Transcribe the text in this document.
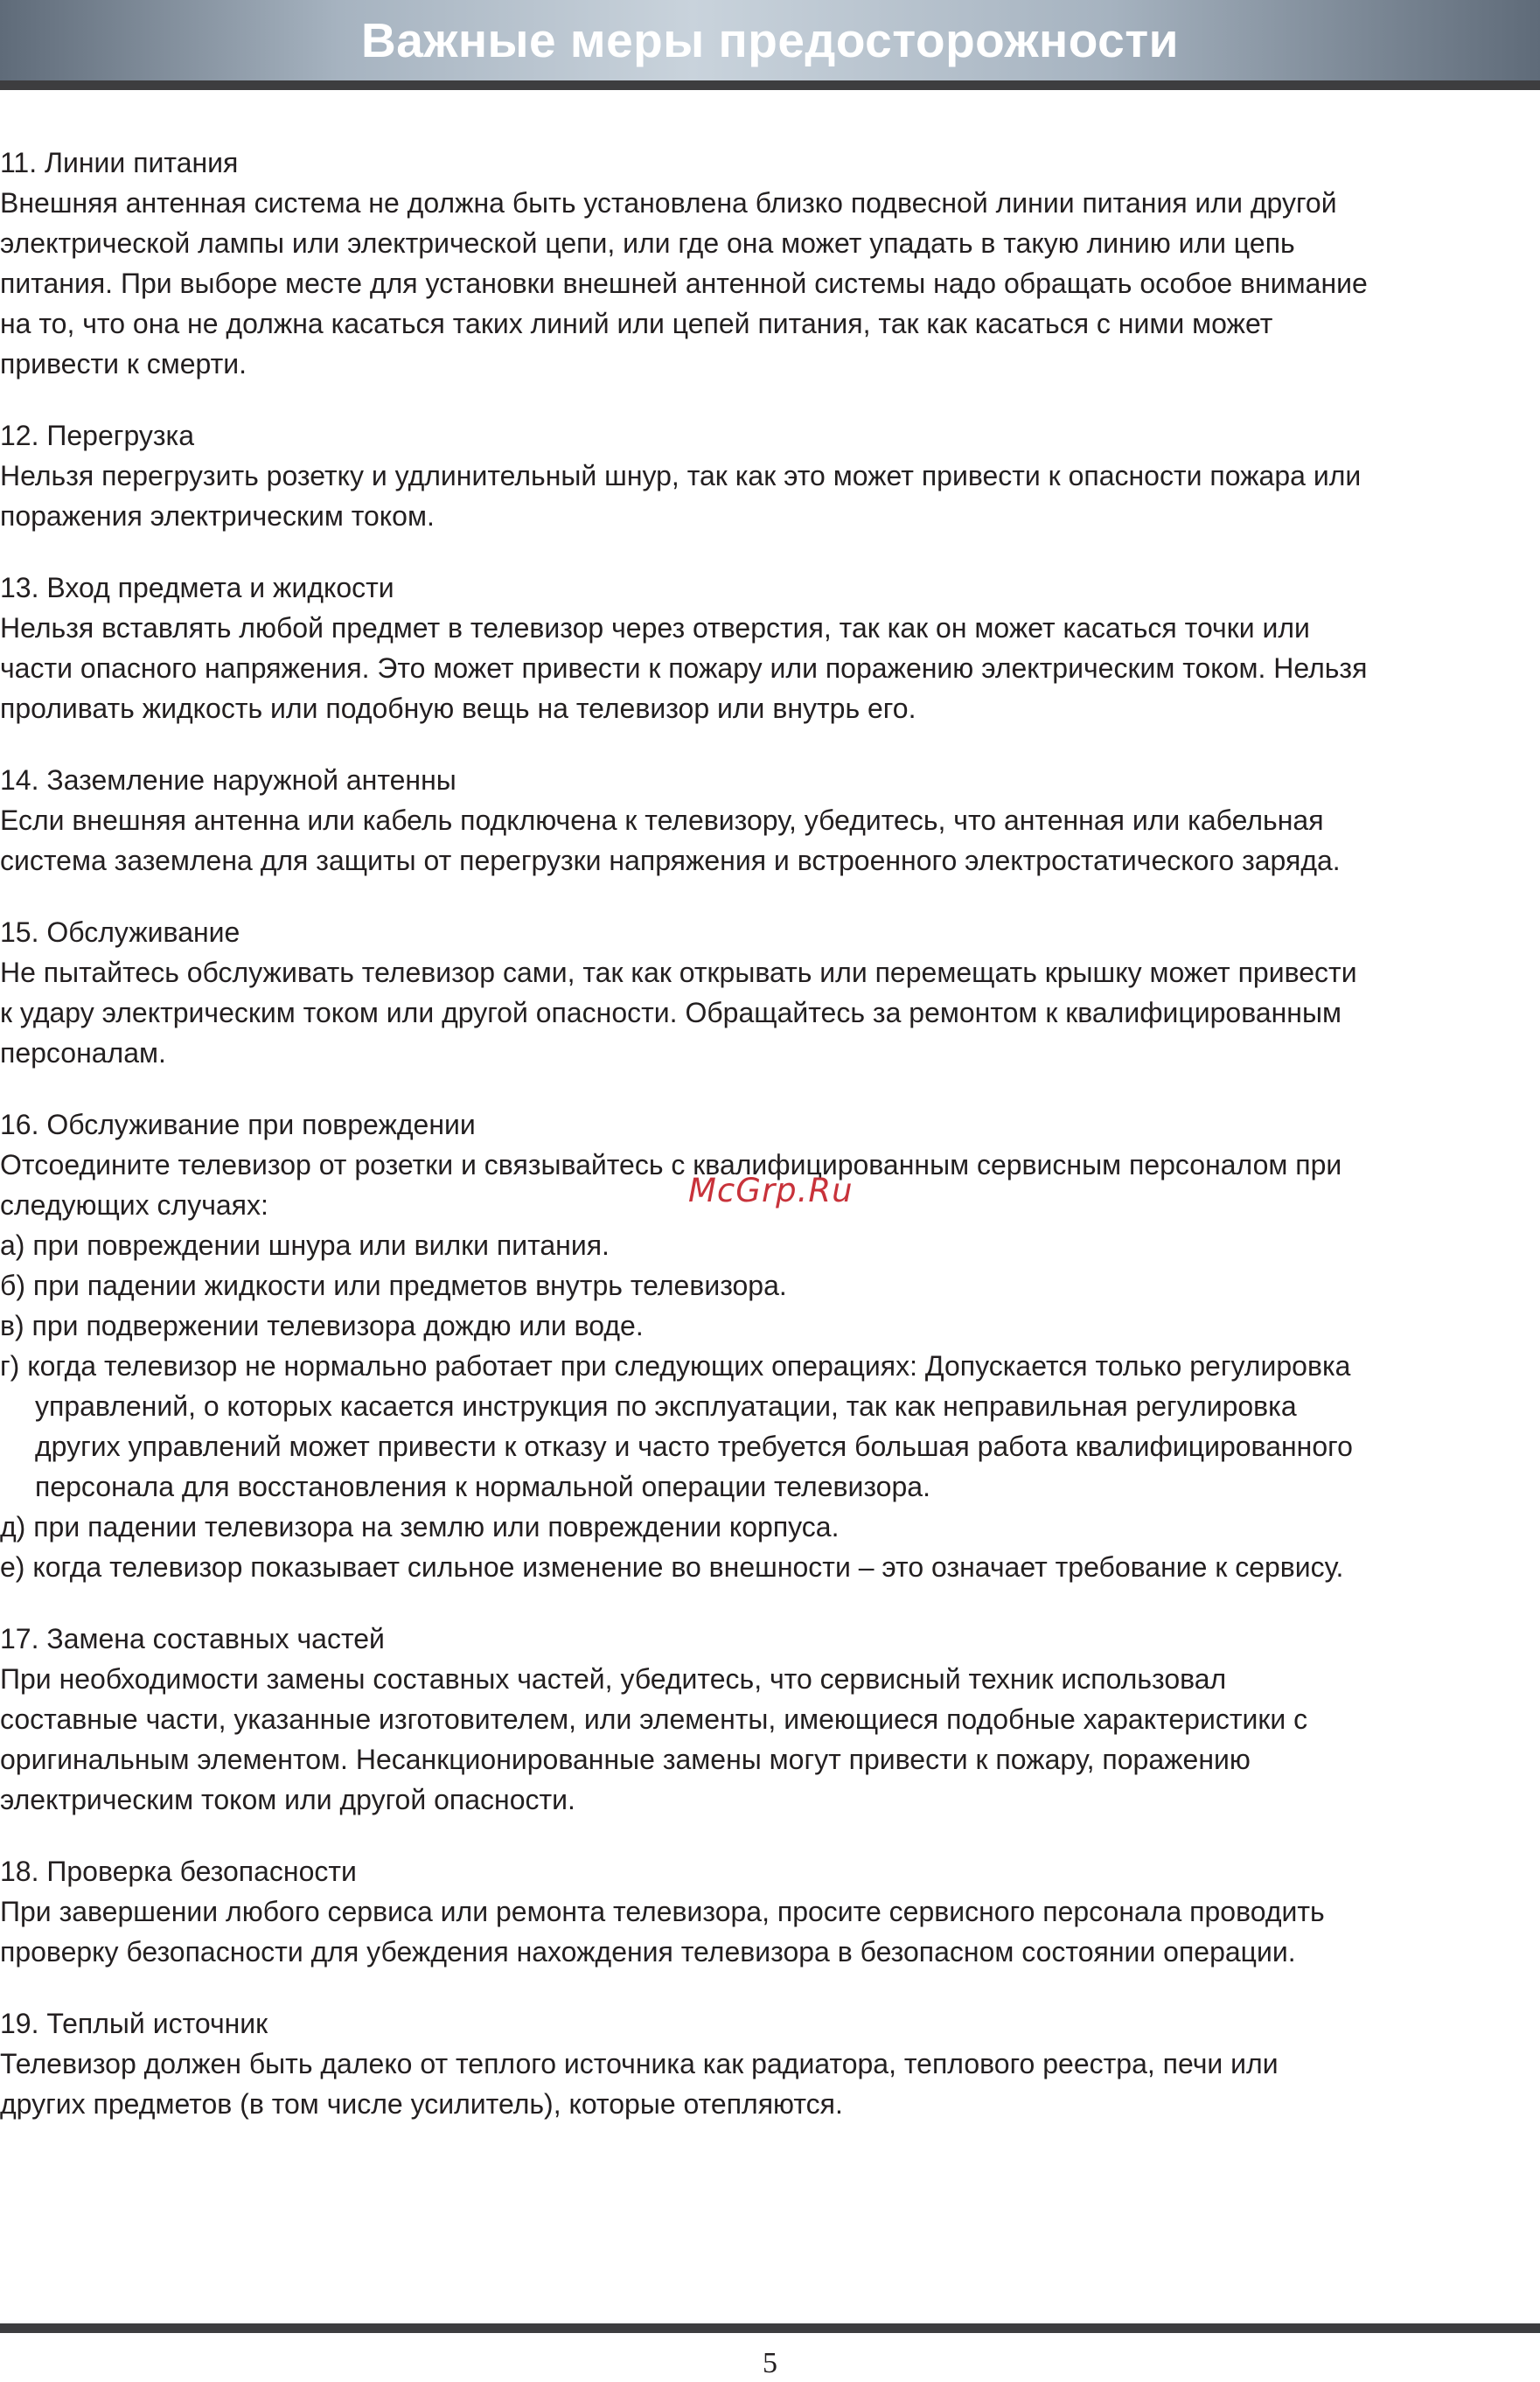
Важные меры предосторожности

11. Линии питания

Внешняя антенная система не должна быть установлена близко подвесной линии питания или другой

электрической лампы или электрической цепи, или где она может упадать в такую линию или цепь

питания. При выборе месте для установки внешней антенной системы надо обращать особое внимание

на то, что она не должна касаться таких линий или цепей питания, так как касаться с ними может

привести к смерти.

12. Перегрузка

Нельзя перегрузить розетку и удлинительный шнур, так как это может привести к опасности пожара или

поражения электрическим током.

13. Вход предмета и жидкости

Нельзя вставлять любой предмет в телевизор через отверстия, так как он может касаться точки или

части опасного напряжения. Это может привести к пожару или поражению электрическим током. Нельзя

проливать жидкость или подобную вещь на телевизор или внутрь его.

14. Заземление наружной антенны

Если внешняя антенна или кабель подключена к телевизору, убедитесь, что антенная или кабельная

система заземлена для защиты от перегрузки напряжения и встроенного электростатического заряда.

15. Обслуживание

Не пытайтесь обслуживать телевизор сами, так как открывать или перемещать крышку может привести

к удару электрическим током или другой опасности. Обращайтесь за ремонтом к квалифицированным

персоналам.

16. Обслуживание при повреждении

Отсоедините телевизор от розетки и связывайтесь с квалифицированным сервисным персоналом при

следующих случаях:

а) при повреждении шнура или вилки питания.
б) при падении жидкости или предметов внутрь телевизора.
в) при подвержении телевизора дождю или воде.
г) когда телевизор не нормально работает при следующих операциях: Допускается только регулировка
управлений, о которых касается инструкция по эксплуатации, так как неправильная регулировка
других управлений может привести к отказу и часто требуется большая работа квалифицированного
персонала для восстановления к нормальной операции телевизора.
д) при падении телевизора на землю или повреждении корпуса.
е) когда телевизор показывает сильное изменение во внешности – это означает требование к сервису.

17. Замена составных частей

При необходимости замены составных частей, убедитесь, что сервисный техник использовал

составные части, указанные изготовителем, или элементы, имеющиеся подобные характеристики с

оригинальным элементом. Несанкционированные замены могут привести к пожару, поражению

электрическим током или другой опасности.

18. Проверка безопасности

При завершении любого сервиса или ремонта телевизора, просите сервисного персонала проводить

проверку безопасности для убеждения нахождения телевизора в безопасном состоянии операции.

19. Теплый источник

Телевизор должен быть далеко от теплого источника как радиатора, теплового реестра, печи или

других предметов (в том числе усилитель), которые отепляются.

McGrp.Ru
5
